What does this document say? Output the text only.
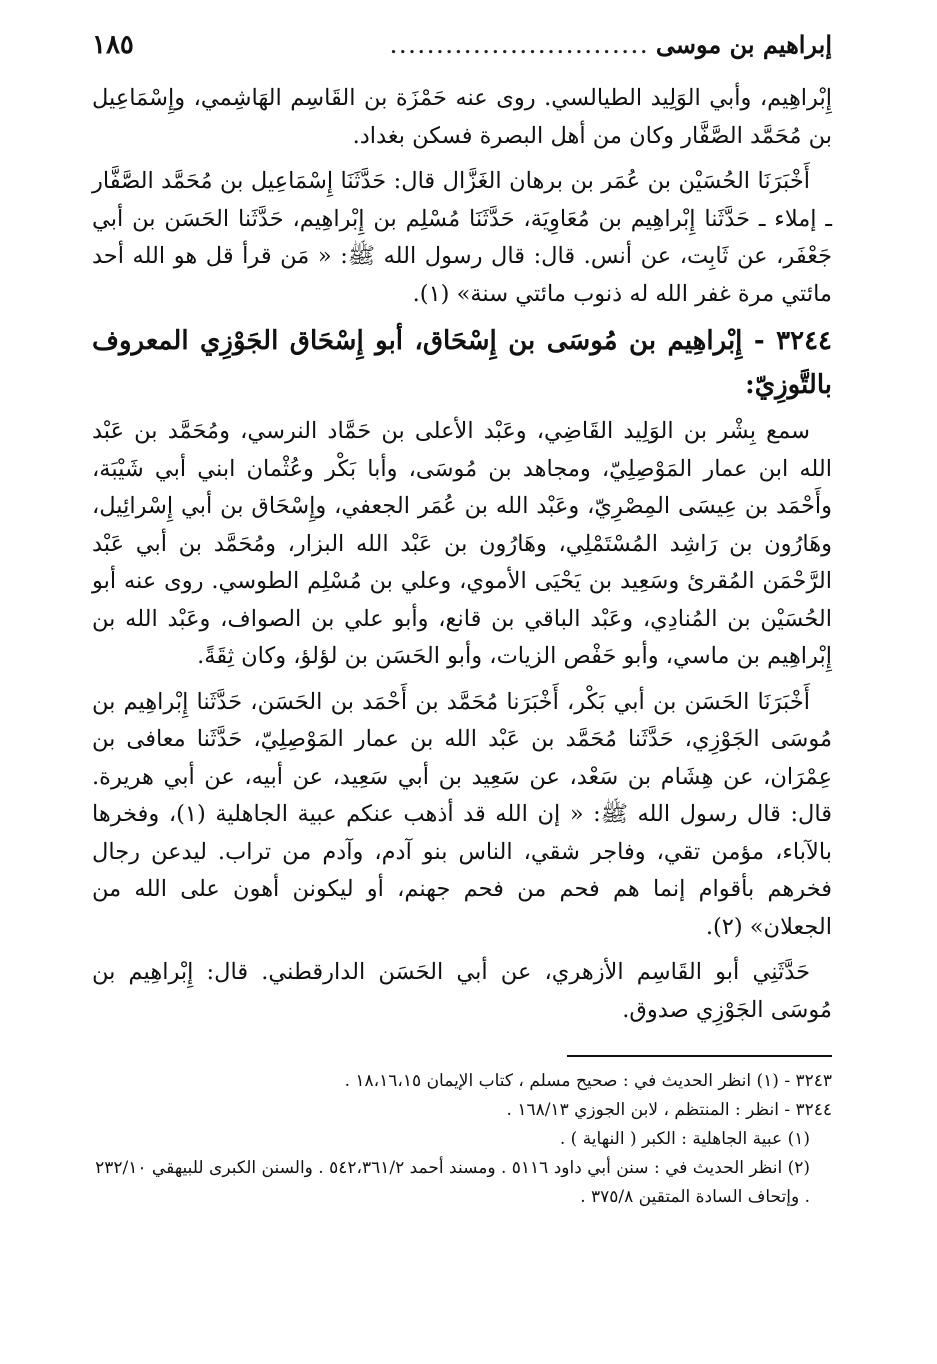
إبراهيم بن موسى
............................
١٨٥

إِبْراهِيم، وأبي الوَلِيد الطيالسي. روى عنه حَمْزَة بن القَاسِم الهَاشِمي، وإِسْمَاعِيل بن مُحَمَّد الصَّفَّار وكان من أهل البصرة فسكن بغداد.

أَخْبَرَنَا الحُسَيْن بن عُمَر بن برهان الغَزَّال قال: حَدَّثَنَا إِسْمَاعِيل بن مُحَمَّد الصَّفَّار ـ إملاء ـ حَدَّثَنا إِبْراهِيم بن مُعَاوِيَة، حَدَّثَنَا مُسْلِم بن إِبْراهِيم، حَدَّثَنا الحَسَن بن أبي جَعْفَر، عن ثَابِت، عن أنس. قال: قال رسول الله ﷺ: « مَن قرأ قل هو الله أحد مائتي مرة غفر الله له ذنوب مائتي سنة» (١).

٣٢٤٤ - إِبْراهِيم بن مُوسَى بن إِسْحَاق، أبو إِسْحَاق الجَوْزِي المعروف بالتَّوزِيّ:

سمع بِشْر بن الوَلِيد القَاضِي، وعَبْد الأعلى بن حَمَّاد النرسي، ومُحَمَّد بن عَبْد الله ابن عمار المَوْصِلِيّ، ومجاهد بن مُوسَى، وأبا بَكْر وعُثْمان ابني أبي شَيْبَة، وأَحْمَد بن عِيسَى المِصْرِيّ، وعَبْد الله بن عُمَر الجعفي، وإِسْحَاق بن أبي إِسْرائِيل، وهَارُون بن رَاشِد المُسْتَمْلِي، وهَارُون بن عَبْد الله البزار، ومُحَمَّد بن أبي عَبْد الرَّحْمَن المُقرئ وسَعِيد بن يَحْيَى الأموي، وعلي بن مُسْلِم الطوسي. روى عنه أبو الحُسَيْن بن المُنادِي، وعَبْد الباقي بن قانع، وأبو علي بن الصواف، وعَبْد الله بن إِبْراهِيم بن ماسي، وأبو حَفْص الزيات، وأبو الحَسَن بن لؤلؤ، وكان ثِقَةً.

أَخْبَرَنَا الحَسَن بن أبي بَكْر، أَخْبَرَنا مُحَمَّد بن أَحْمَد بن الحَسَن، حَدَّثَنا إِبْراهِيم بن مُوسَى الجَوْزِي، حَدَّثَنا مُحَمَّد بن عَبْد الله بن عمار المَوْصِلِيّ، حَدَّثَنا معافى بن عِمْرَان، عن هِشَام بن سَعْد، عن سَعِيد بن أبي سَعِيد، عن أبيه، عن أبي هريرة. قال: قال رسول الله ﷺ: « إن الله قد أذهب عنكم عبية الجاهلية (١)، وفخرها بالآباء، مؤمن تقي، وفاجر شقي، الناس بنو آدم، وآدم من تراب. ليدعن رجال فخرهم بأقوام إنما هم فحم من فحم جهنم، أو ليكونن أهون على الله من الجعلان» (٢).

حَدَّثَنِي أبو القَاسِم الأزهري، عن أبي الحَسَن الدارقطني. قال: إِبْراهِيم بن مُوسَى الجَوْزِي صدوق.

٣٢٤٣ - (١) انظر الحديث في : صحيح مسلم ، كتاب الإيمان ١٨،١٦،١٥ .

٣٢٤٤ - انظر : المنتظم ، لابن الجوزي ١٦٨/١٣ .

(١) عبية الجاهلية : الكبر ( النهاية ) .

(٢) انظر الحديث في : سنن أبي داود ٥١١٦ . ومسند أحمد ٥٤٢،٣٦١/٢ . والسنن الكبرى للبيهقي ٢٣٢/١٠ . وإتحاف السادة المتقين ٣٧٥/٨ .
